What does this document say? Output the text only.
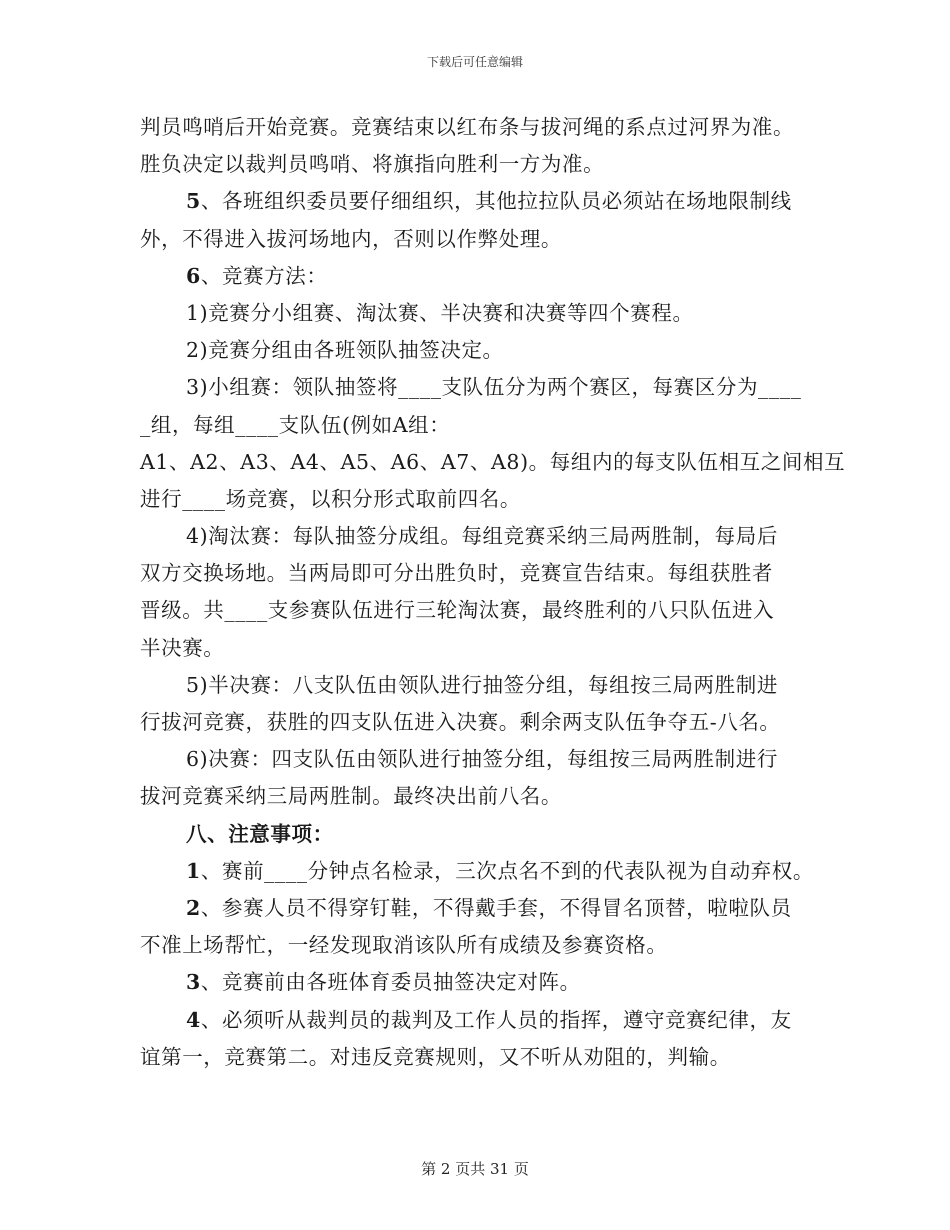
下载后可任意编辑
判员鸣哨后开始竞赛。竞赛结束以红布条与拔河绳的系点过河界为准。
胜负决定以裁判员鸣哨、将旗指向胜利一方为准。
5、各班组织委员要仔细组织，其他拉拉队员必须站在场地限制线
外，不得进入拔河场地内，否则以作弊处理。
6、竞赛方法：
1)竞赛分小组赛、淘汰赛、半决赛和决赛等四个赛程。
2)竞赛分组由各班领队抽签决定。
3)小组赛：领队抽签将____支队伍分为两个赛区，每赛区分为____
_组，每组____支队伍(例如A组：
A1、A2、A3、A4、A5、A6、A7、A8)。每组内的每支队伍相互之间相互
进行____场竞赛，以积分形式取前四名。
4)淘汰赛：每队抽签分成组。每组竞赛采纳三局两胜制，每局后
双方交换场地。当两局即可分出胜负时，竞赛宣告结束。每组获胜者
晋级。共____支参赛队伍进行三轮淘汰赛，最终胜利的八只队伍进入
半决赛。
5)半决赛：八支队伍由领队进行抽签分组，每组按三局两胜制进
行拔河竞赛，获胜的四支队伍进入决赛。剩余两支队伍争夺五-八名。
6)决赛：四支队伍由领队进行抽签分组，每组按三局两胜制进行
拔河竞赛采纳三局两胜制。最终决出前八名。
八、注意事项：
1、赛前____分钟点名检录，三次点名不到的代表队视为自动弃权。
2、参赛人员不得穿钉鞋，不得戴手套，不得冒名顶替，啦啦队员
不准上场帮忙，一经发现取消该队所有成绩及参赛资格。
3、竞赛前由各班体育委员抽签决定对阵。
4、必须听从裁判员的裁判及工作人员的指挥，遵守竞赛纪律，友
谊第一，竞赛第二。对违反竞赛规则，又不听从劝阻的，判输。
第 2 页共 31 页
